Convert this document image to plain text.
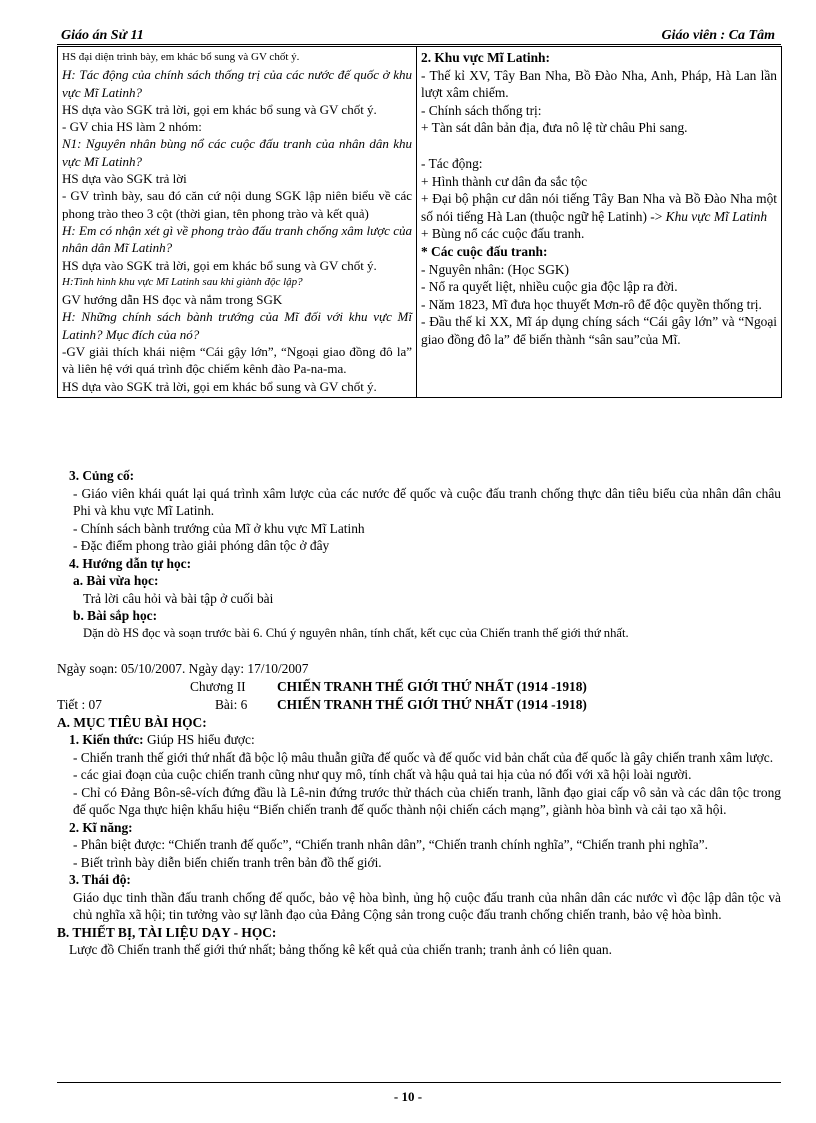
Giáo án Sử 11	Giáo viên : Ca Tâm
HS đại diện trình bày, em khác bổ sung và GV chốt ý.
H: Tác động của chính sách thống trị của các nước đế quốc ở khu vực Mĩ Latinh?
HS dựa vào SGK trả lời, gọi em khác bổ sung và GV chốt ý.
- GV chia HS làm 2 nhóm:
N1: Nguyên nhân bùng nổ các cuộc đấu tranh của nhân dân khu vực Mĩ Latinh?
HS dựa vào SGK trả lời
- GV trình bày, sau đó căn cứ nội dung SGK lập niên biểu về các phong trào theo 3 cột (thời gian, tên phong trào và kết quả)
H: Em có nhận xét gì về phong trào đấu tranh chống xâm lược của nhân dân Mĩ Latinh?
HS dựa vào SGK trả lời, gọi em khác bổ sung và GV chốt ý.
H:Tình hình khu vực Mĩ Latinh sau khi giành độc lập?
GV hướng dẫn HS đọc và nắm trong SGK
H: Những chính sách bành trướng của Mĩ đối với khu vực Mĩ Latinh? Mục đích của nó?
-GV giải thích khái niệm “Cái gậy lớn”, “Ngoại giao đồng đô la” và liên hệ với quá trình độc chiếm kênh đào Pa-na-ma.
HS dựa vào SGK trả lời, gọi em khác bổ sung và GV chốt ý.

2. Khu vực Mĩ Latinh:
- Thế kỉ XV, Tây Ban Nha, Bồ Đào Nha, Anh, Pháp, Hà Lan lần lượt xâm chiếm.
- Chính sách thống trị:
+ Tàn sát dân bản địa, đưa nô lệ từ châu Phi sang.
- Tác động:
+ Hình thành cư dân đa sắc tộc
+ Đại bộ phận cư dân nói tiếng Tây Ban Nha và Bồ Đào Nha một số nói tiếng Hà Lan (thuộc ngữ hệ Latinh) -> Khu vực Mĩ Latinh
+ Bùng nổ các cuộc đấu tranh.
* Các cuộc đấu tranh:
- Nguyên nhân: (Học SGK)
- Nổ ra quyết liệt, nhiều cuộc gia độc lập ra đời.
- Năm 1823, Mĩ đưa học thuyết Mơn-rô để độc quyền thống trị.
- Đầu thế kỉ XX, Mĩ áp dụng chíng sách “Cái gây lớn” và “Ngoại giao đồng đô la” để biến thành “sân sau”của Mĩ.
3. Củng cố:
- Giáo viên khái quát lại quá trình xâm lược của các nước đế quốc và cuộc đấu tranh chống thực dân tiêu biểu của nhân dân châu Phi và khu vực Mĩ Latinh.
- Chính sách bành trướng của Mĩ ở khu vực Mĩ Latinh
- Đặc điểm phong trào giải phóng dân tộc ở đây
4. Hướng dẫn tự học:
a. Bài vừa học:
Trả lời câu hỏi và bài tập ở cuối bài
b. Bài sắp học:
Dặn dò HS đọc và soạn trước bài 6. Chú ý nguyên nhân, tính chất, kết cục của Chiến tranh thế giới thứ nhất.
Ngày soạn: 05/10/2007. Ngày dạy: 17/10/2007
Chương II CHIẾN TRANH THẾ GIỚI THỨ NHẤT (1914 -1918)
Tiết : 07	Bài: 6 CHIẾN TRANH THẾ GIỚI THỨ NHẤT (1914 -1918)
A. MỤC TIÊU BÀI HỌC:
1. Kiến thức: Giúp HS hiểu được:
- Chiến tranh thế giới thứ nhất đã bộc lộ mâu thuẫn giữa đế quốc và đế quốc vid bản chất của đế quốc là gây chiến tranh xâm lược.
- các giai đoạn của cuộc chiến tranh cũng như quy mô, tính chất và hậu quả tai hịa của nó đối với xã hội loài người.
- Chỉ có Đảng Bôn-sê-vích đứng đầu là Lê-nin đứng trước thử thách của chiến tranh, lãnh đạo giai cấp vô sản và các dân tộc trong đế quốc Nga thực hiện khẩu hiệu “Biến chiến tranh đế quốc thành nội chiến cách mạng”, giành hòa bình và cải tạo xã hội.
2. Kĩ năng:
- Phân biệt được: “Chiến tranh đế quốc”, “Chiến tranh nhân dân”, “Chiến tranh chính nghĩa”, “Chiến tranh phi nghĩa”.
- Biết trình bày diễn biến chiến tranh trên bản đồ thế giới.
3. Thái độ:
Giáo dục tinh thần đấu tranh chống đế quốc, bảo vệ hòa bình, ủng hộ cuộc đấu tranh của nhân dân các nước vì độc lập dân tộc và chủ nghĩa xã hội; tin tưởng vào sự lãnh đạo của Đảng Cộng sản trong cuộc đấu tranh chống chiến tranh, bảo vệ hòa bình.
B. THIẾT BỊ, TÀI LIỆU DẠY - HỌC:
Lược đồ Chiến tranh thế giới thứ nhất; bảng thống kê kết quả của chiến tranh; tranh ảnh có liên quan.
- 10 -
